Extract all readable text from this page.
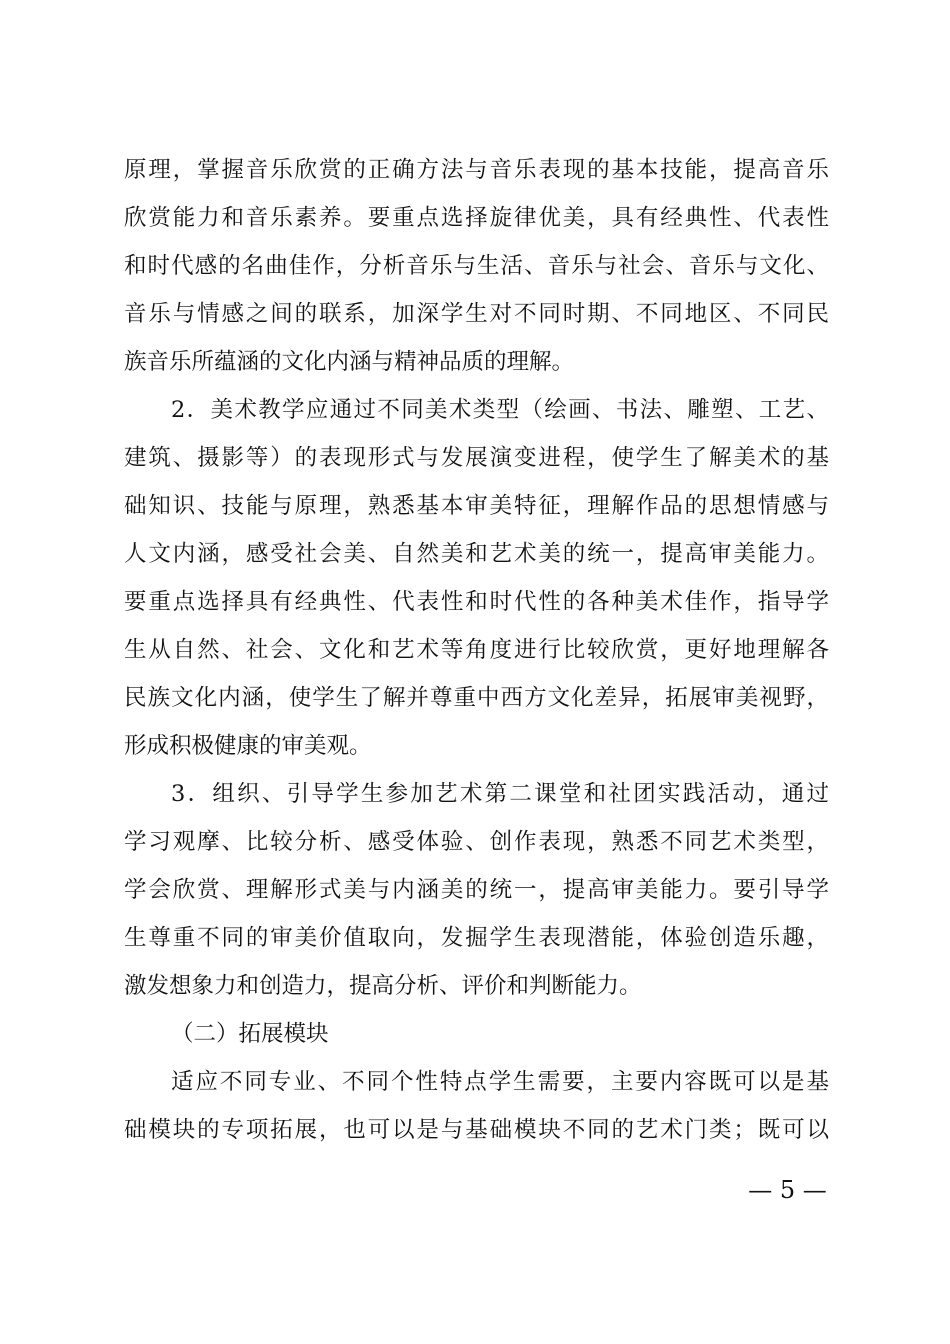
原理，掌握音乐欣赏的正确方法与音乐表现的基本技能，提高音乐
欣赏能力和音乐素养。要重点选择旋律优美，具有经典性、代表性
和时代感的名曲佳作，分析音乐与生活、音乐与社会、音乐与文化、
音乐与情感之间的联系，加深学生对不同时期、不同地区、不同民
族音乐所蕴涵的文化内涵与精神品质的理解。
2．美术教学应通过不同美术类型（绘画、书法、雕塑、工艺、
建筑、摄影等）的表现形式与发展演变进程，使学生了解美术的基
础知识、技能与原理，熟悉基本审美特征，理解作品的思想情感与
人文内涵，感受社会美、自然美和艺术美的统一，提高审美能力。
要重点选择具有经典性、代表性和时代性的各种美术佳作，指导学
生从自然、社会、文化和艺术等角度进行比较欣赏，更好地理解各
民族文化内涵，使学生了解并尊重中西方文化差异，拓展审美视野，
形成积极健康的审美观。
3．组织、引导学生参加艺术第二课堂和社团实践活动，通过
学习观摩、比较分析、感受体验、创作表现，熟悉不同艺术类型，
学会欣赏、理解形式美与内涵美的统一，提高审美能力。要引导学
生尊重不同的审美价值取向，发掘学生表现潜能，体验创造乐趣，
激发想象力和创造力，提高分析、评价和判断能力。
（二）拓展模块
适应不同专业、不同个性特点学生需要，主要内容既可以是基
础模块的专项拓展，也可以是与基础模块不同的艺术门类；既可以
— 5 —
